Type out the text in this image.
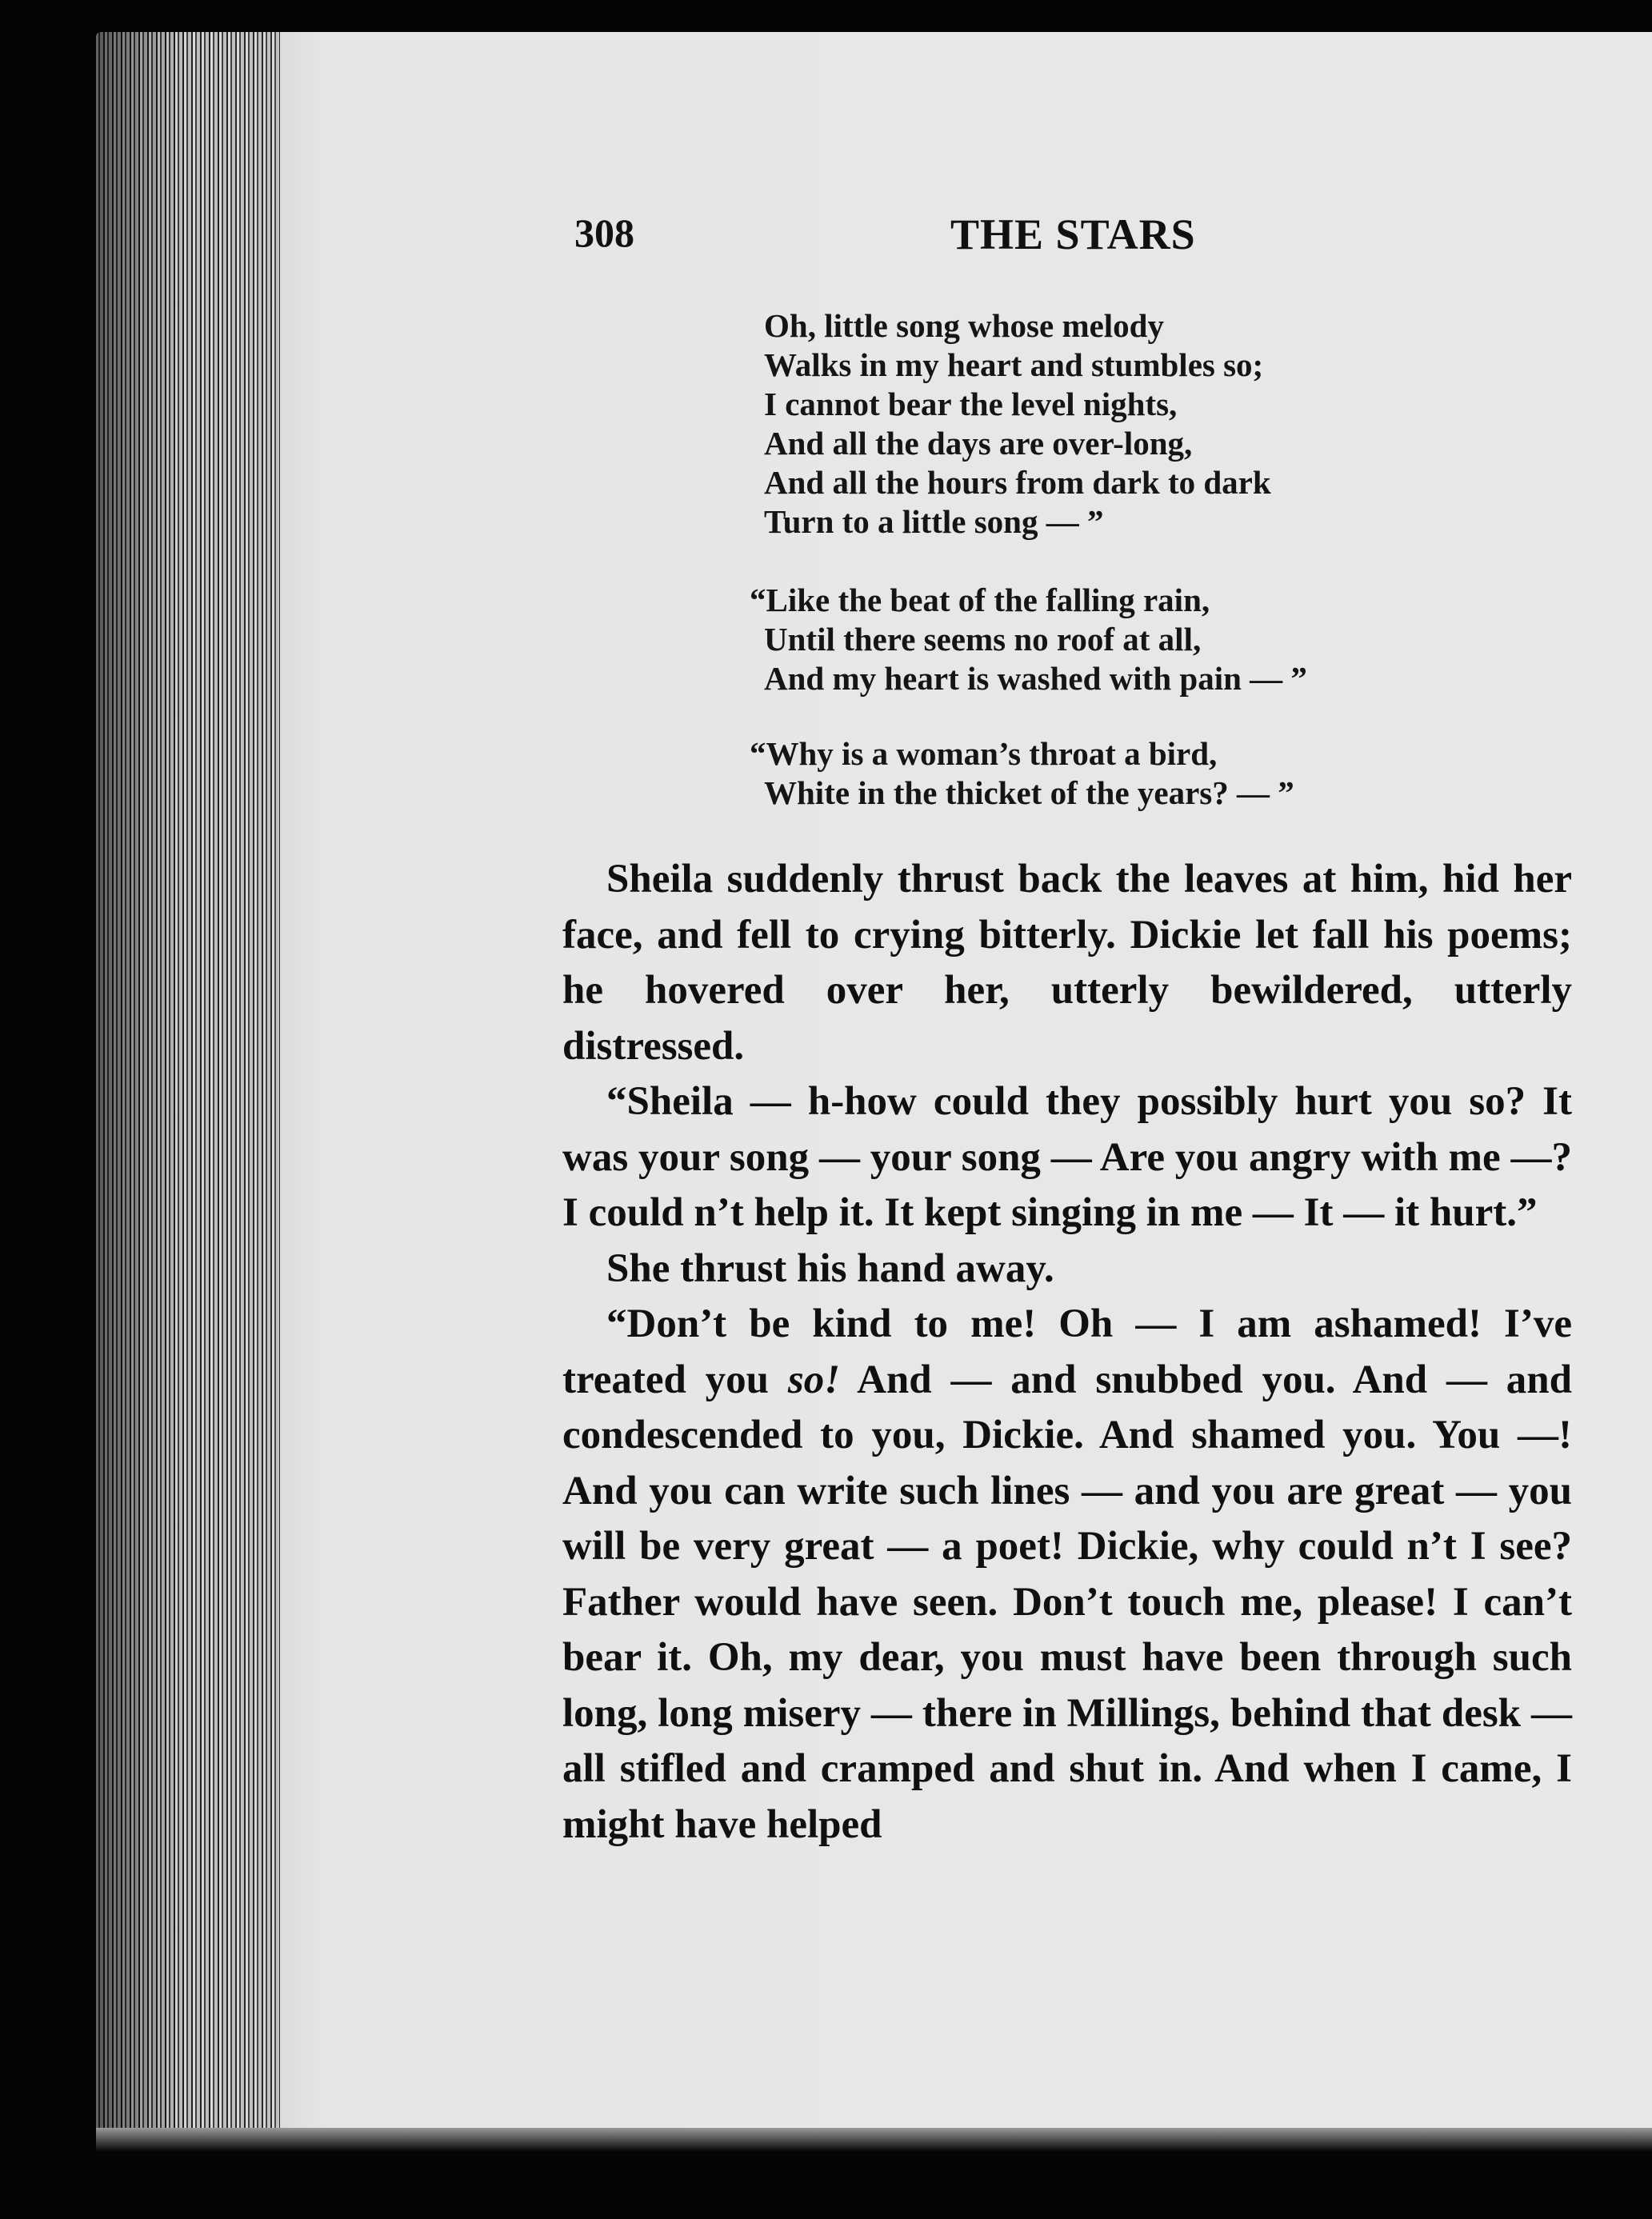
308	THE STARS
Oh, little song whose melody
Walks in my heart and stumbles so;
I cannot bear the level nights,
And all the days are over-long,
And all the hours from dark to dark
Turn to a little song — ”
“Like the beat of the falling rain,
Until there seems no roof at all,
And my heart is washed with pain — ”
“Why is a woman’s throat a bird,
White in the thicket of the years? — ”

Sheila suddenly thrust back the leaves at him, hid her face, and fell to crying bitterly. Dickie let fall his poems; he hovered over her, utterly bewildered, utterly distressed.

“Sheila — h-how could they possibly hurt you so? It was your song — your song — Are you angry with me —? I could n’t help it. It kept singing in me — It — it hurt.”

She thrust his hand away.

“Don’t be kind to me! Oh — I am ashamed! I’ve treated you so! And — and snubbed you. And — and condescended to you, Dickie. And shamed you. You —! And you can write such lines — and you are great — you will be very great — a poet! Dickie, why could n’t I see? Father would have seen. Don’t touch me, please! I can’t bear it. Oh, my dear, you must have been through such long, long misery — there in Millings, behind that desk — all stifled and cramped and shut in. And when I came, I might have helped
